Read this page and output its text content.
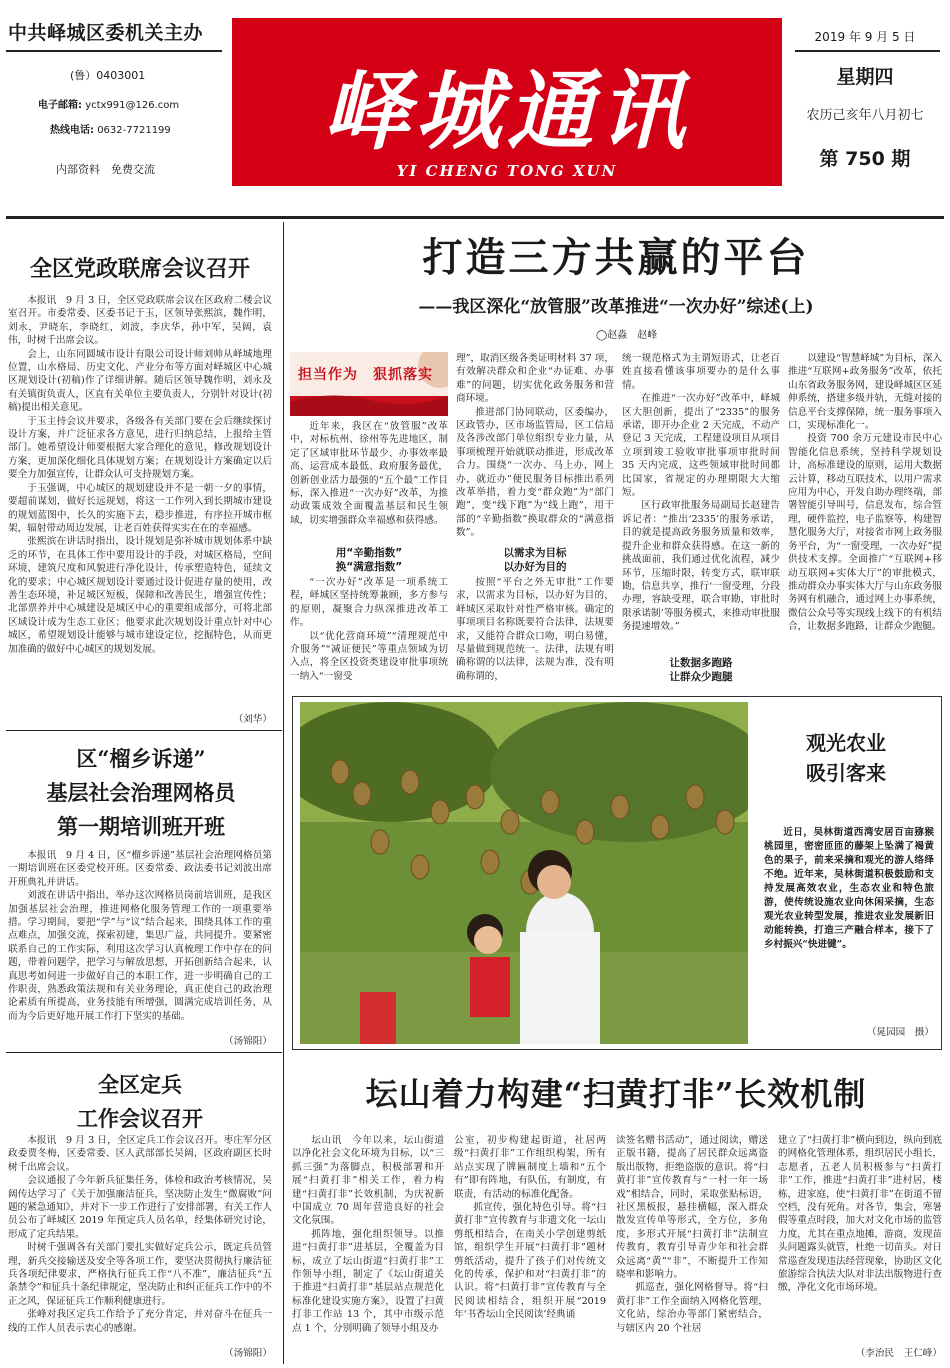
中共峄城区委机关主办
(鲁）0403001
电子邮箱: yctx991@126.com
热线电话: 0632-7721199
内部资料　免费交流
峄城通讯
YI CHENG TONG XUN
2019 年 9 月 5 日
星期四
农历己亥年八月初七
第 750 期
全区党政联席会议召开

本报讯　9 月 3 日，全区党政联席会议在区政府二楼会议室召开。市委常委、区委书记于玉，区领导张熙滨，魏作明，刘永，尹晓东，李晓红，刘波，李庆华，孙中军，吴阔，袁伟，时树千出席会议。

会上，山东同圆城市设计有限公司设计师刘帅从峄城地理位置，山水格局、历史文化、产业分布等方面对峄城区中心城区规划设计(初稿)作了详细讲解。随后区领导魏作明，刘永及有关镇街负责人，区直有关单位主要负责人，分别针对设计(初稿)提出相关意见。

于玉主持会议并要求，各级各有关部门要在会后继续探讨设计方案，并广泛征求各方意见，进行归纳总结，上报给主管部门。她希望设计师要根据大家合理化的意见，修改规划设计方案，更加深化细化具体规划方案；在规划设计方案确定以后要全力加强宣传，让群众认可支持规划方案。

于玉强调，中心城区的规划建设并不是一朝一夕的事情，要超前谋划，做好长远规划，将这一工作列入到长期城市建设的规划蓝图中，长久的实施下去，稳步推进，有序拉开城市框架，辐射带动周边发展，让老百姓获得实实在在的幸福感。

张熙滨在讲话时指出，设计规划是弥补城市规划体系中缺乏的环节，在具体工作中要用设计的手段，对城区格局，空间环境，建筑尺度和风貌进行净化设计，传承塑造特色，延续文化的要求；中心城区规划设计要通过设计促进存量的使用，改善生态环境，补足城区短板，保障和改善民生，增强宣传性；北部票养并中心城建设是城区中心的重要组成部分，可将北部区域设计成为生态工业区；他要求此次规划设计重点针对中心城区，希望规划设计能够与城市建设定位，挖掘特色，从而更加准确的做好中心城区的规划发展。

（刘华）
区“榴乡诉递”
基层社会治理网格员
第一期培训班开班

本报讯　9 月 4 日，区“榴乡诉递”基层社会治理网格员第一期培训班在区委党校开班。区委常委、政法委书记刘波出席开班典礼并讲话。

刘波在讲话中指出，举办这次网格员岗前培训班，是我区加强基层社会治理，推进网格化服务管理工作的一项重要举措。学习期间，要把“学”与“议”结合起来，围绕具体工作的重点难点，加强交流，探索初建，集思广益，共同提升。要紧密联系自己的工作实际，利用这次学习认真梳理工作中存在的问题，带着问题学，把学习与解放思想，开拓创新结合起来，认真思考如何进一步做好自己的本职工作，进一步明确自己的工作职责，熟悉政策法规和有关业务理论，真正使自己的政治理论素质有所提高，业务技能有所增强，圆满完成培训任务，从而为今后更好地开展工作打下坚实的基础。

（汤锦阳）
全区定兵
工作会议召开

本报讯　9 月 3 日，全区定兵工作会议召开。枣庄军分区政委贾冬梅，区委常委、区人武部部长吴阔，区政府副区长时树千出席会议。

会议通报了今年新兵征集任务，体检和政治考核情况，吴阔传达学习了《关于加强廉洁征兵，坚决防止发生“微腐败”问题的紧急通知》，并对下一步工作进行了安排部署，有关工作人员公布了峄城区 2019 年预定兵人员名单，经集体研究讨论，形成了定兵结果。

时树千强调各有关部门要扎实做好定兵公示，既定兵员管理，新兵交接输送及安全等各项工作，要坚决贯彻执行廉洁征兵各项纪律要求，严格执行征兵工作“八不准”，廉洁征兵“五条禁令”和征兵十条纪律规定，坚决防止和纠正征兵工作中的不正之风，保证征兵工作顺利健康进行。

张峰对我区定兵工作给予了充分肯定，并对奋斗在征兵一线的工作人员表示衷心的感谢。

（汤锦阳）
打造三方共赢的平台
——我区深化“放管服”改革推进“一次办好”综述(上)
◯赵淼　赵峰
担当作为　狠抓落实

近年来，我区在“放管服”改革中，对标杭州、徐州等先进地区，制定了区域审批环节最少、办事效率最高、运营成本最低、政府服务最优，创新创业活力最强的“五个最”工作目标，深入推进“一次办好”改革，为推动政策成效全面覆盖基层和民生领域，切实增强群众幸福感和获得感。

用“辛勤指数”
换“满意指数”

“一次办好”改革是一项系统工程，峄城区坚持统筹兼顾，多方参与的原则，凝聚合力纵深推进改革工作。

以“优化营商环境”“清理规范中介服务”“减证便民”等重点领域为切入点，将全区投资类建设审批事项统一纳入“一窗受

理”，取消区级各类证明材料 37 项，有效解决群众和企业“办证难、办事难”的问题，切实优化政务服务和营商环境。

推进部门协同联动，区委编办，区政管办，区市场监管局，区工信局及各涉改部门单位组织专业力量，从事项梳理开始就联动推进，形成改革合力。围绕“一次办、马上办，网上办，就近办”便民服务目标推出系列改革举措，着力变“群众跑”为“部门跑”，变“线下跑”为“线上跑”，用干部的“辛勤指数”换取群众的“满意指数”。

以需求为目标
以办好为目的

按照“平台之外无审批”工作要求，以需求为目标，以办好为目的，峄城区采取针对性严格审核。确定的事项项目名称既要符合法律，法规要求，又能符合群众口吻，明白易懂，尽量做到规范统一。法律，法规有明确称谓的以法律，法规为准，没有明确称谓的，

统一规范格式为主谓短语式，让老百姓直接看懂该事项要办的是什么事情。

在推进“一次办好”改革中，峄城区大胆创新，提出了“2335”的服务承诺，即开办企业 2 天完成，不动产登记 3 天完成，工程建设项目从项目立项到竣工验收审批事项审批时间 35 天内完成，这些领域审批时间都比国家，省规定的办理期限大大缩短。

区行政审批服务局副局长赵建告诉记者：“推出‘2335’的服务承诺，目的就是提高政务服务质量和效率，提升企业和群众获得感。在这一新的挑战面前，我们通过优化流程，减少环节，压缩时限，转变方式，联审联勘，信息共享，推行‘一窗受理，分段办理，容缺受理，联合审勘，审批时限承诺制’等服务模式，来推动审批服务提速增效。”

让数据多跑路
让群众少跑腿

以建设“智慧峄城”为目标，深入推进“互联网+政务服务”改革，依托山东省政务服务网，建设峄城区区延伸系统，搭建多级并轨，无缝对接的信息平台支撑保障，统一服务事项入口，实现标准化一。

投资 700 余万元建设市民中心智能化信息系统，坚持科学规划设计，高标准建设的原则，运用大数据云计算，移动互联技术，以用户需求应用为中心，开发自助办理终端，部署智能引导叫号，信息发布，综合管理，硬件监控，电子监察等，构建智慧化服务大厅，对接省市网上政务服务平台，为“一窗受理，一次办好”提供技术支撑。全面推广“互联网+移动互联网+实体大厅”的审批模式，推动群众办事实体大厅与山东政务服务网有机融合，通过网上办事系统，微信公众号等实现线上线下的有机结合，让数据多跑路，让群众少跑腿。

观光农业
吸引客来

近日，吴林街道西湾安居百亩猕猴桃园里，密密匝匝的藤架上坠满了褐黄色的果子，前来采摘和观光的游人络绎不绝。近年来，吴林街道积极鼓励和支持发展高效农业，生态农业和特色旅游，使传统设施农业向休闲采摘，生态观光农业转型发展，推进农业发展新旧动能转换，打造三产融合样本，接下了乡村振兴“快进键”。

（晁园园　摄）
坛山着力构建“扫黄打非”长效机制

坛山讯　今年以来，坛山街道以净化社会文化环境为目标，以“三抓三强”为落脚点，积极部署和开展“扫黄打非”相关工作，着力构建“扫黄打非”长效机制，为庆祝新中国成立 70 周年营造良好的社会文化氛围。

抓阵地，强化组织领导。以推进“扫黄打非”进基层，全覆盖为目标，成立了坛山街道“扫黄打非”工作领导小组，制定了《坛山街道关于推进“扫黄打非”基层站点规范化标准化建设实施方案》，设置了扫黄打非工作站 13 个，其中市级示范点 1 个，分别明确了领导小组及办

公室，初步构建起街道，社居两级“扫黄打非”工作组织构架，所有站点实现了牌匾制度上墙和“五个有”即有阵地，有队伍，有制度，有联责，有活动的标准化配备。

抓宣传，强化特色引导。将“扫黄打非”宣传教育与非遗文化一坛山剪纸相结合，在南关小学创建剪纸馆，组织学生开展“扫黄打非”题材剪纸活动，提升了孩子们对传统文化的传承，保护和对“扫黄打非”的认识。将“扫黄打非”宣传教育与全民阅读相结合，组织开展“2019 年‘书香坛山全民阅读’经典诵

读签名赠书活动”，通过阅读，赠送正版书籍，提高了居民群众远离盗版出版物，拒绝盗版的意识。将“扫黄打非”宣传教育与“一村一年一场戏”相结合，同时，采取张贴标语，社区黑板报，悬挂横幅，深入群众散发宣传单等形式，全方位，多角度，多形式开展“扫黄打非”法制宣传教育，教育引导青少年和社会群众远离“黄”“非”，不断提升工作知晓率和影响力。

抓巡查，强化网格督导。将“扫黄打非”工作全面纳入网格化管理，文化站，综治办等部门紧密结合，与辖区内 20 个社居

建立了“扫黄打非”横向到边，纵向到底的网格化管理体系，组织居民小组长，志愿者，五老人员积极参与“扫黄打非”工作，推进“扫黄打非”进村居，楼栋，进家庭，使“扫黄打非”在街道不留空档，没有死角。对各节，集会，寒暑假等重点时段，加大对文化市场的监管力度，尤其在重点地摊，游商，发现苗头问题露头就管，杜绝一切苗头。对日常巡查发现违法经营现象，协助区文化旅游综合执法大队对非法出版物进行查缴，净化文化市场环境。

（李治民　王仁峰）
